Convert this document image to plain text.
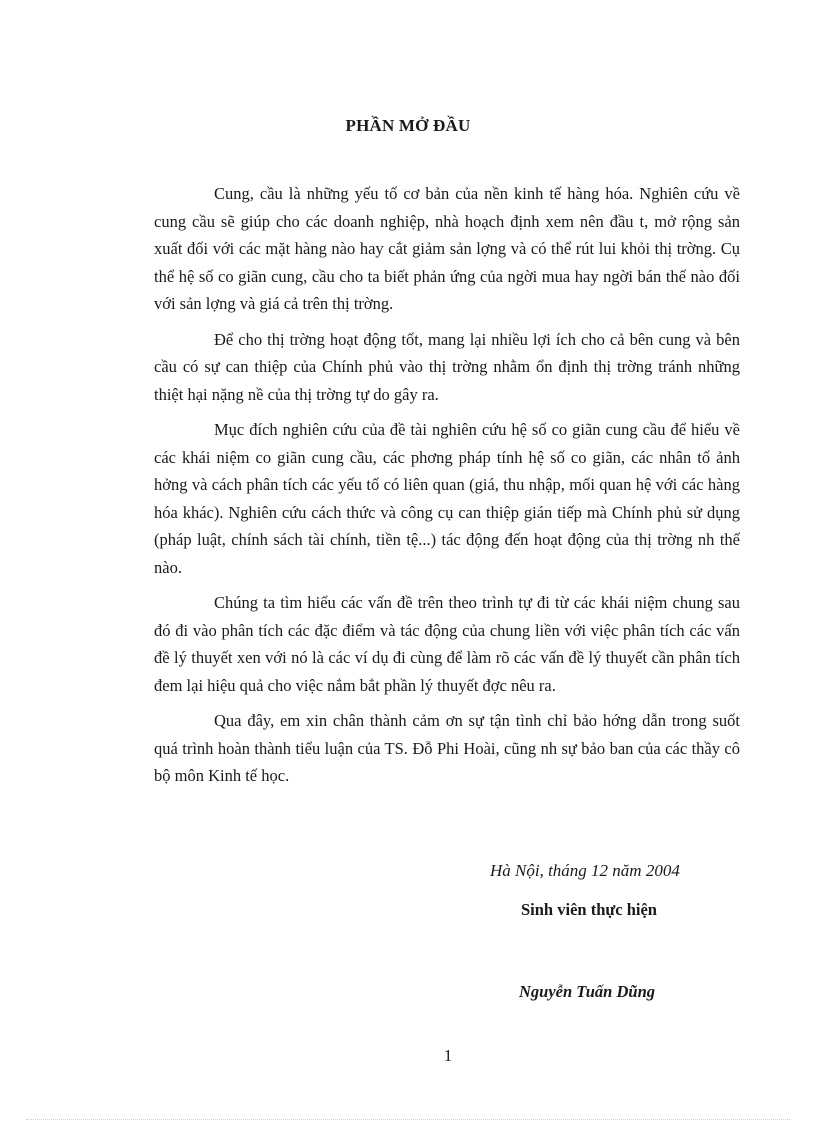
PHẦN MỞ ĐẦU

Cung, cầu là những yếu tố cơ bản của nền kinh tế hàng hóa. Nghiên cứu về cung cầu sẽ giúp cho các doanh nghiệp, nhà hoạch định xem nên đầu t, mở rộng sản xuất đối với các mặt hàng nào hay cắt giảm sản lợng và có thể rút lui khỏi thị trờng. Cụ thể hệ số co giãn cung, cầu cho ta biết phản ứng của ngời mua hay ngời bán thế nào đối với sản lợng và giá cả trên thị trờng.

Để cho thị trờng hoạt động tốt, mang lại nhiều lợi ích cho cả bên cung và bên cầu có sự can thiệp của Chính phủ vào thị trờng nhằm ổn định thị trờng tránh những thiệt hại nặng nề của thị trờng tự do gây ra.

Mục đích nghiên cứu của đề tài nghiên cứu hệ số co giãn cung cầu để hiểu về các khái niệm co giãn cung cầu, các phơng pháp tính hệ số co giãn, các nhân tố ảnh hởng và cách phân tích các yếu tố có liên quan (giá, thu nhập, mối quan hệ với các hàng hóa khác). Nghiên cứu cách thức và công cụ can thiệp gián tiếp mà Chính phủ sử dụng (pháp luật, chính sách tài chính, tiền tệ...) tác động đến hoạt động của thị trờng nh thế nào.

Chúng ta tìm hiểu các vấn đề trên theo trình tự đi từ các khái niệm chung sau đó đi vào phân tích các đặc điểm và tác động của chung liền với việc phân tích các vấn đề lý thuyết xen với nó là các ví dụ đi cùng để làm rõ các vấn đề lý thuyết cần phân tích đem lại hiệu quả cho việc nắm bắt phần lý thuyết đợc nêu ra.

Qua đây, em xin chân thành cảm ơn sự tận tình chỉ bảo hớng dẫn trong suốt quá trình hoàn thành tiểu luận của TS. Đỗ Phi Hoài, cũng nh sự bảo ban của các thầy cô bộ môn Kinh tế học.

Hà Nội, tháng 12 năm 2004
Sinh viên thực hiện
Nguyễn Tuấn Dũng
1
